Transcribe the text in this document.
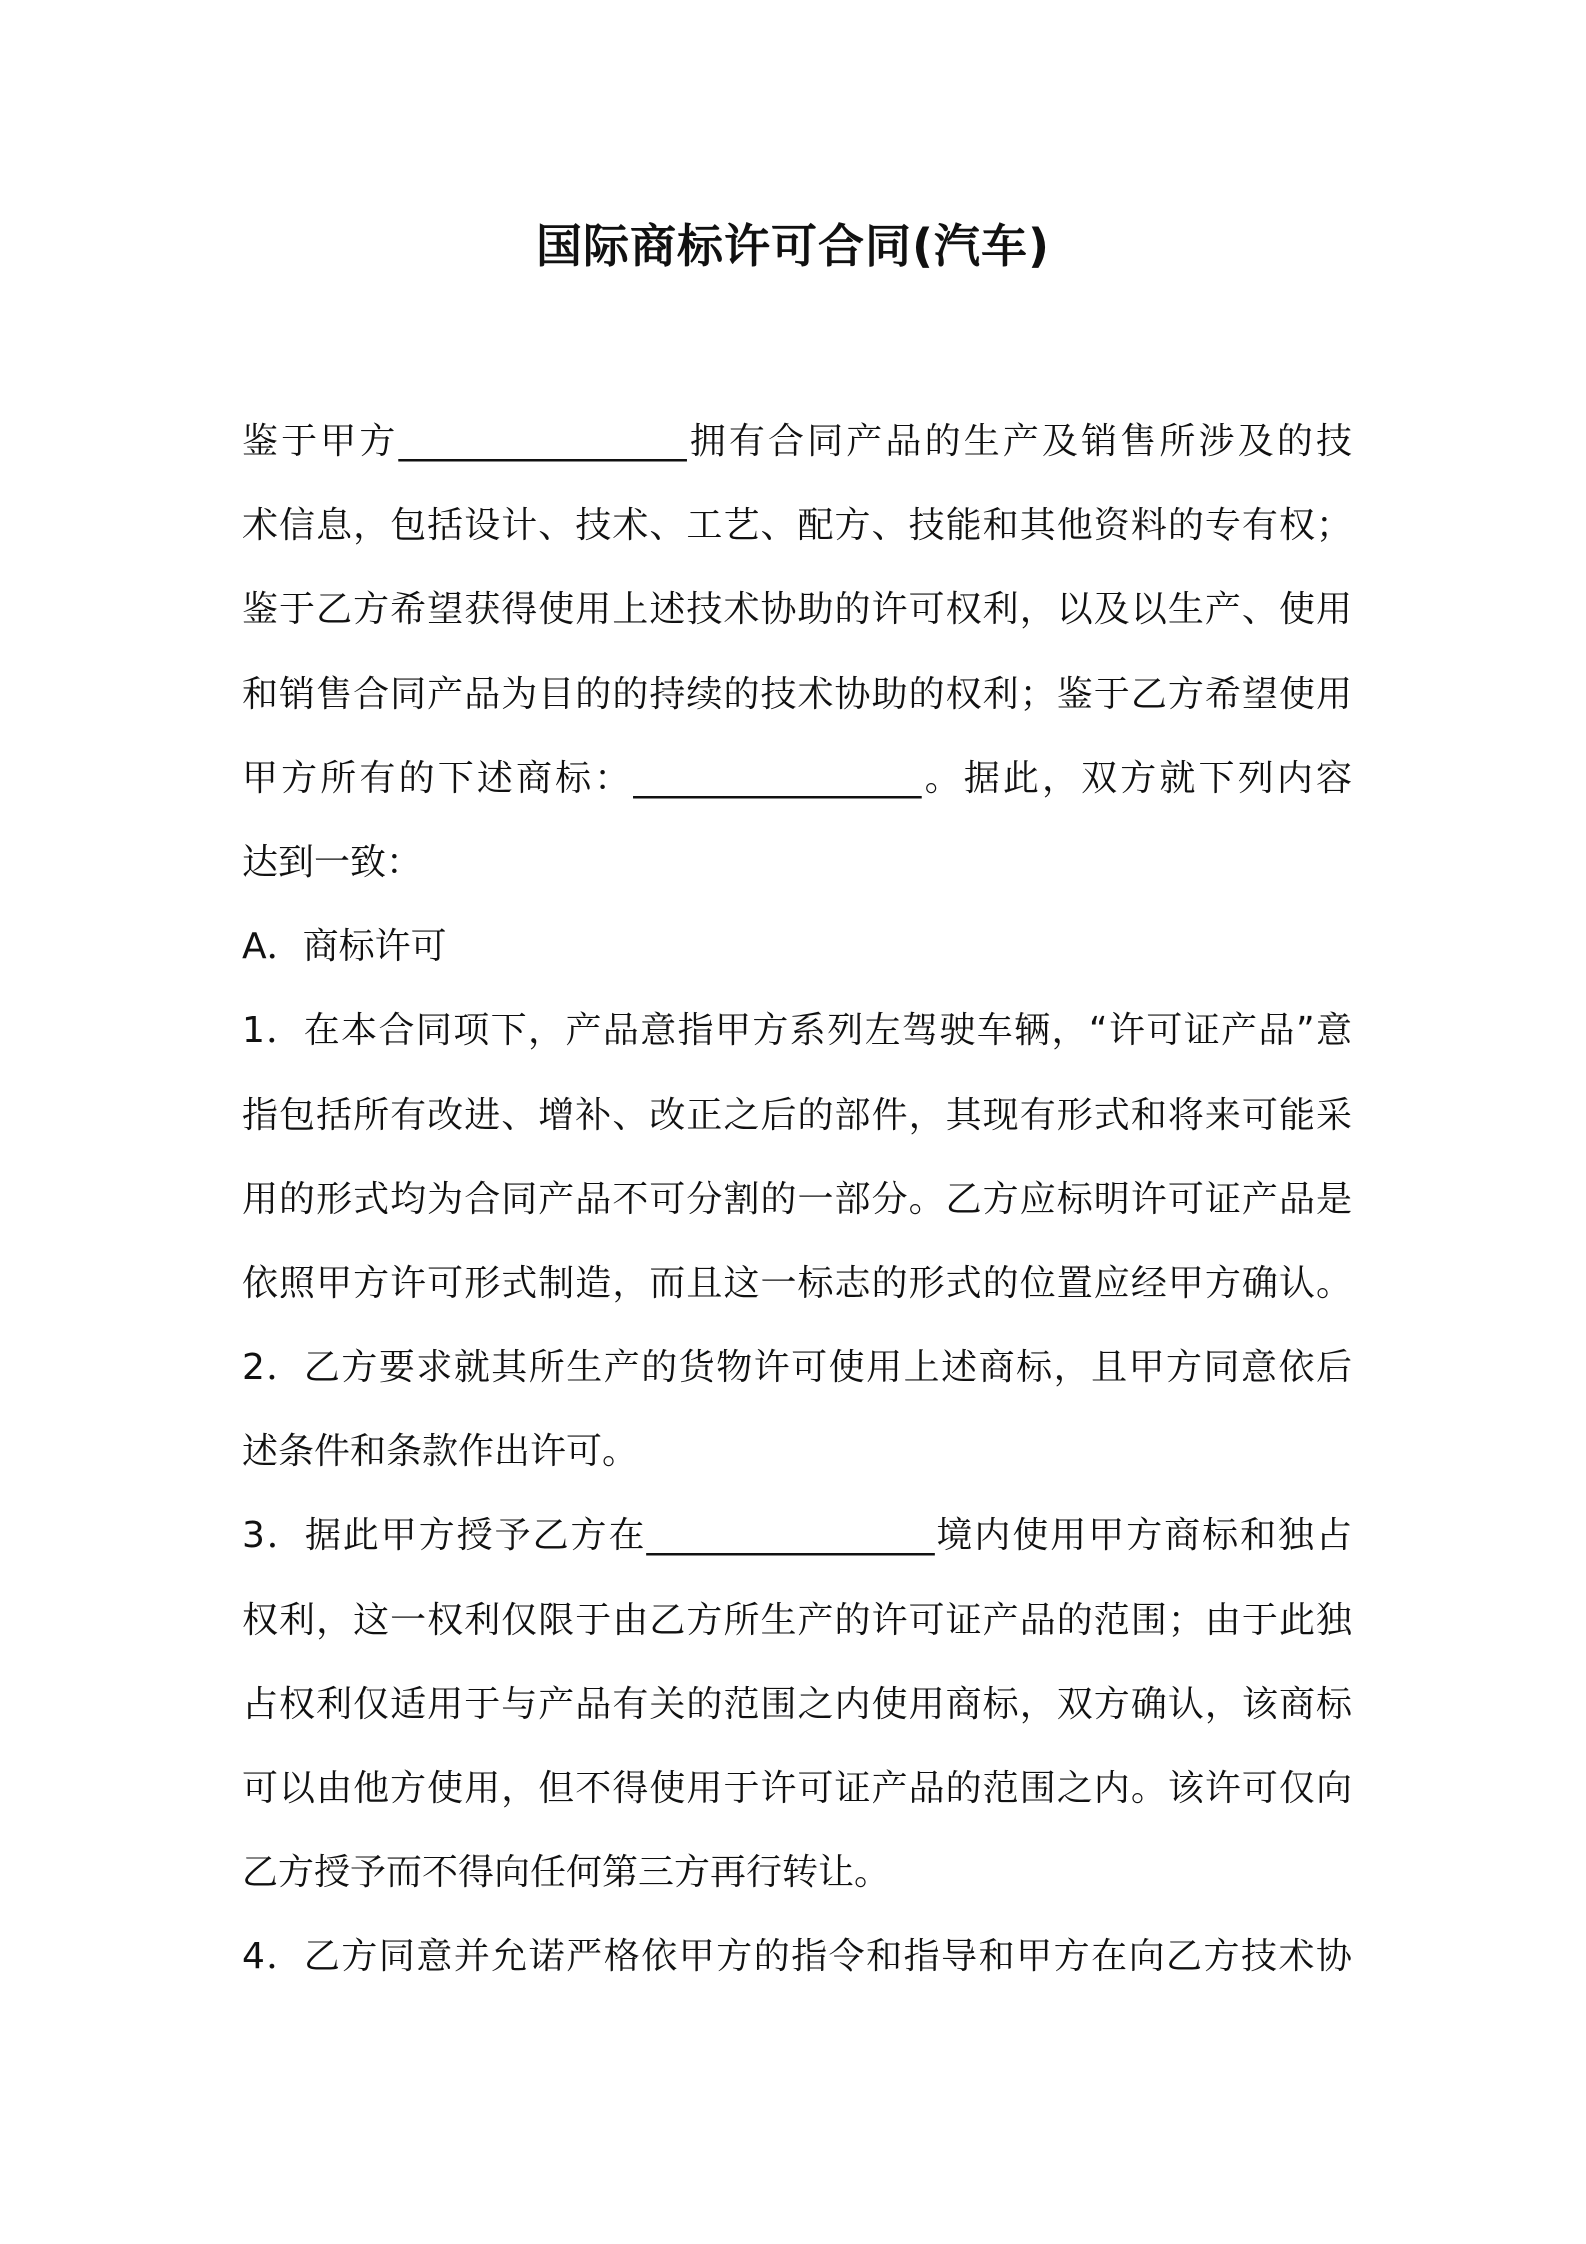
国际商标许可合同(汽车)
鉴于甲方________________拥有合同产品的生产及销售所涉及的技
术信息，包括设计、技术、工艺、配方、技能和其他资料的专有权；
鉴于乙方希望获得使用上述技术协助的许可权利，以及以生产、使用
和销售合同产品为目的的持续的技术协助的权利；鉴于乙方希望使用
甲方所有的下述商标：________________。据此，双方就下列内容
达到一致：
A．商标许可
1．在本合同项下，产品意指甲方系列左驾驶车辆，“许可证产品”意
指包括所有改进、增补、改正之后的部件，其现有形式和将来可能采
用的形式均为合同产品不可分割的一部分。乙方应标明许可证产品是
依照甲方许可形式制造，而且这一标志的形式的位置应经甲方确认。
2．乙方要求就其所生产的货物许可使用上述商标，且甲方同意依后
述条件和条款作出许可。
3．据此甲方授予乙方在________________境内使用甲方商标和独占
权利，这一权利仅限于由乙方所生产的许可证产品的范围；由于此独
占权利仅适用于与产品有关的范围之内使用商标，双方确认，该商标
可以由他方使用，但不得使用于许可证产品的范围之内。该许可仅向
乙方授予而不得向任何第三方再行转让。
4．乙方同意并允诺严格依甲方的指令和指导和甲方在向乙方技术协
